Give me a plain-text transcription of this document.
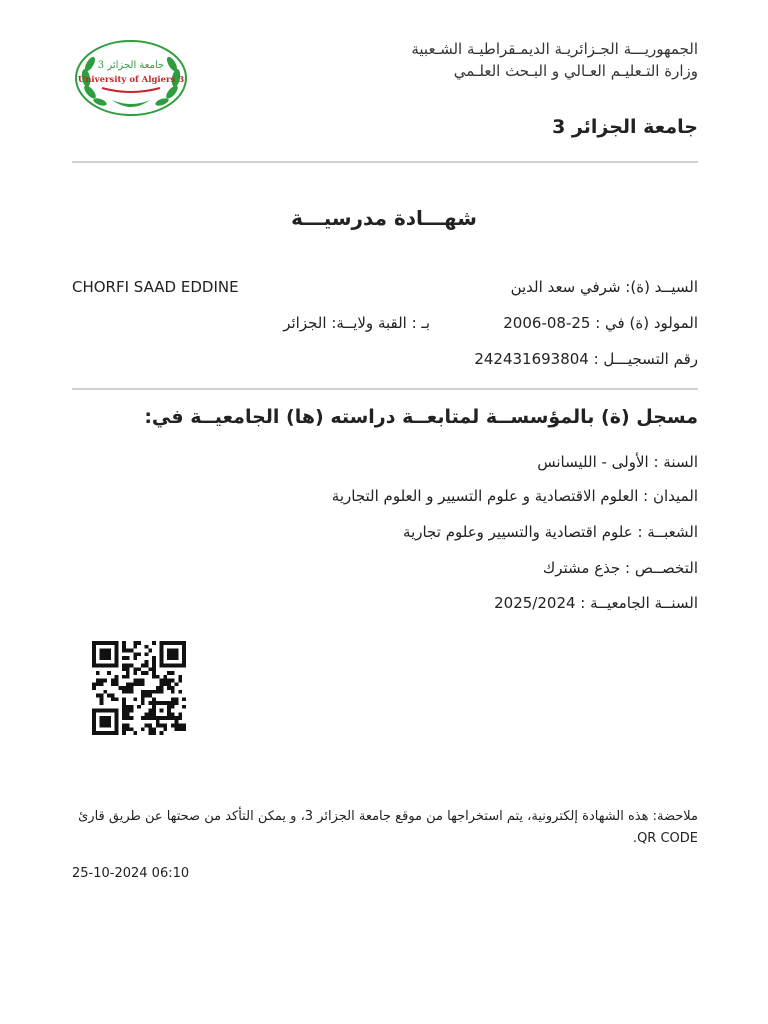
جامعة الجزائر 3
University of Algiers 3
الجمهوريـــة الجـزائريـة الديمـقراطيـة الشـعبية
وزارة التـعليـم العـالي و البـحث العلـمي
جامعة الجزائر 3
شهـــادة مدرسيـــة
السيــد (ة): شرفي سعد الدين
CHORFI SAAD EDDINE
المولود (ة) في : 25-08-2006
بـ : القبة ولايــة: الجزائر
رقم التسجيـــل : 242431693804
مسجل (ة) بالمؤسســة لمتابعــة دراسته (ها) الجامعيــة في:
السنة : الأولى - الليسانس
الميدان : العلوم الاقتصادية و علوم التسيير و العلوم التجارية
الشعبــة : علوم اقتصادية والتسيير وعلوم تجارية
التخصــص : جذع مشترك
السنــة الجامعيــة : 2025/2024
ملاحضة: هذه الشهادة إلكترونية، يتم استخراجها من موقع جامعة الجزائر 3، و يمكن التأكد من صحتها عن طريق قارئ QR CODE.
25-10-2024 06:10
